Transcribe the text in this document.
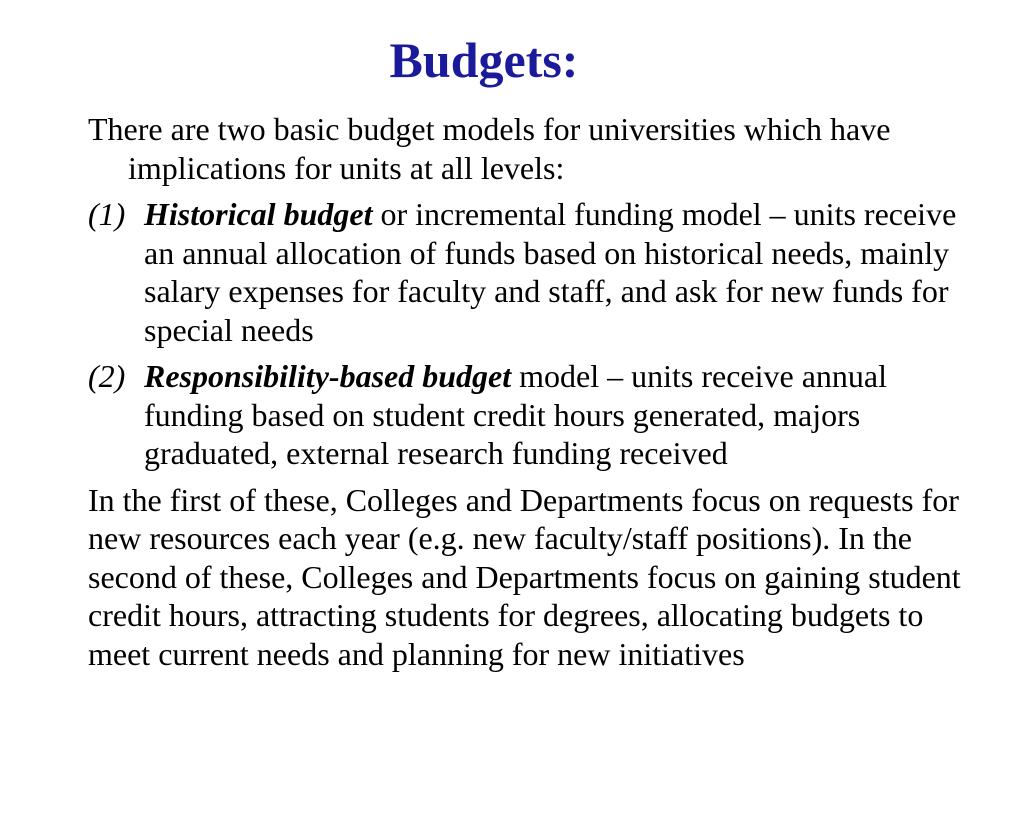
Budgets:

There are two basic budget models for universities which have implications for units at all levels:

(1) Historical budget or incremental funding model – units receive an annual allocation of funds based on historical needs, mainly salary expenses for faculty and staff, and ask for new funds for special needs
(2) Responsibility-based budget model – units receive annual funding based on student credit hours generated, majors graduated, external research funding received

In the first of these, Colleges and Departments focus on requests for new resources each year (e.g. new faculty/staff positions). In the second of these, Colleges and Departments focus on gaining student credit hours, attracting students for degrees, allocating budgets to meet current needs and planning for new initiatives
